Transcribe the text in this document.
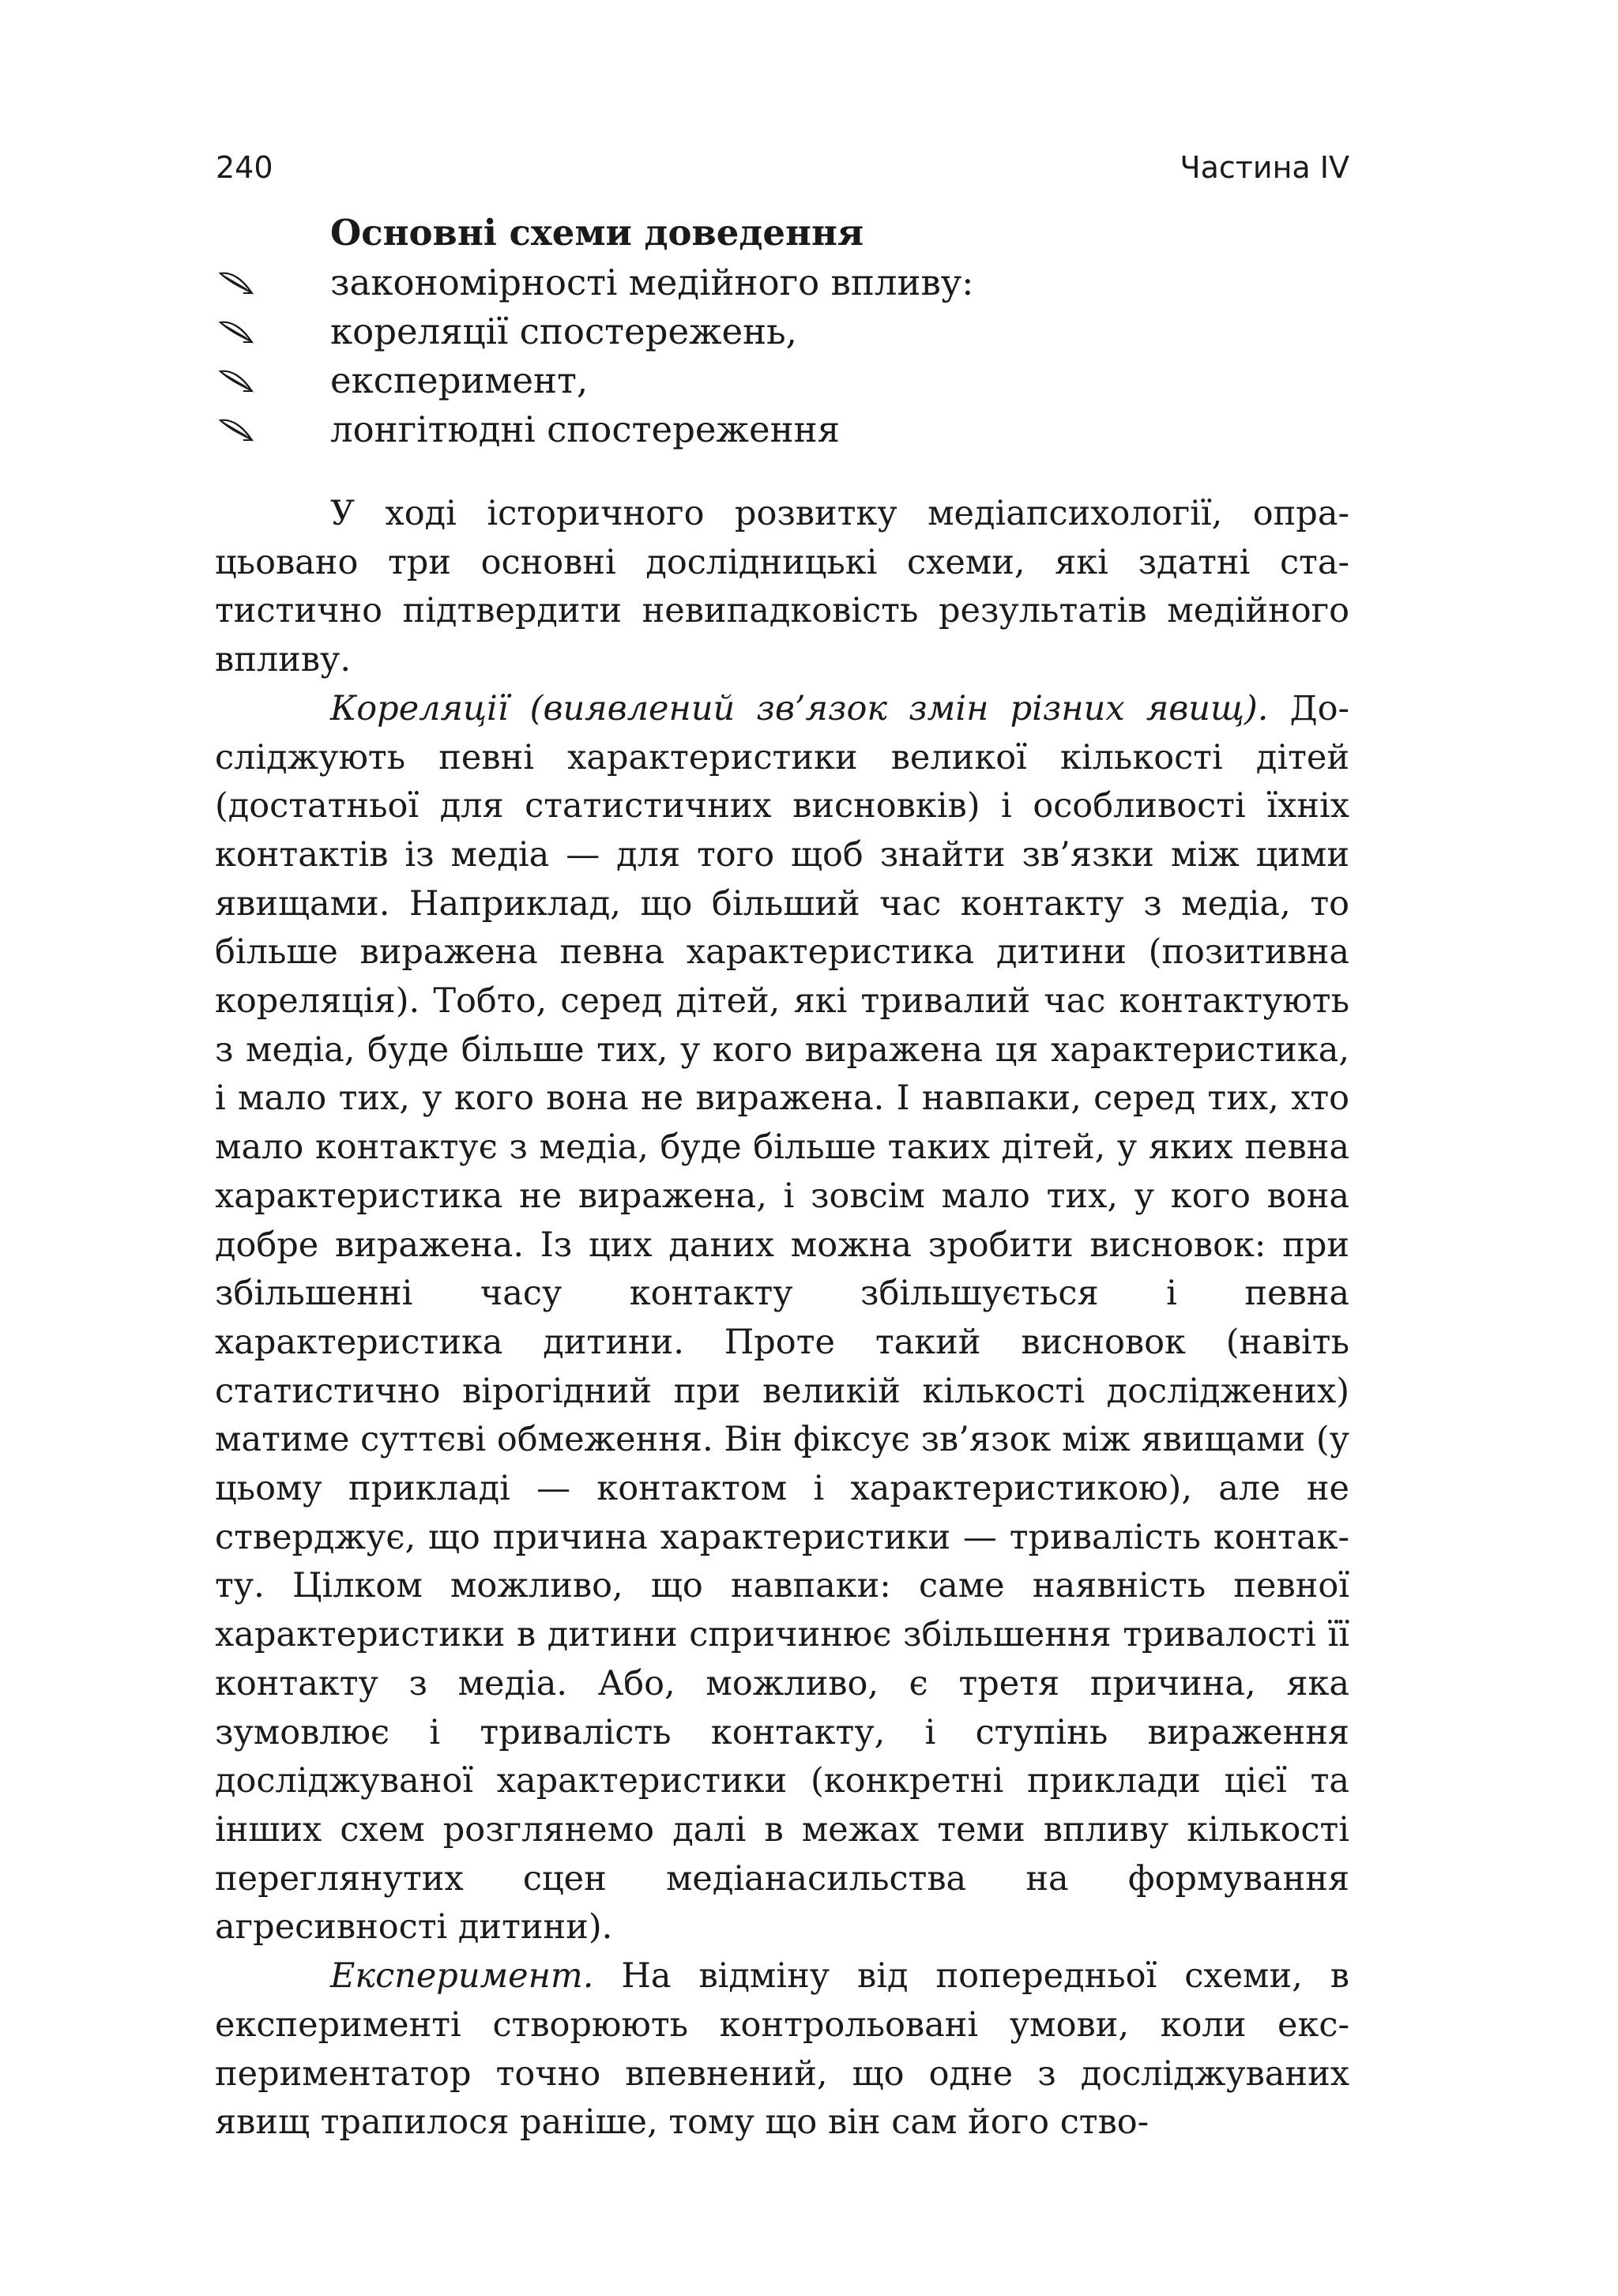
240	Частина IV
Основні схеми доведення
закономірності медійного впливу:
кореляції спостережень,
експеримент,
лонгітюдні спостереження

У ході історичного розвитку медіапсихології, опрацьовано три основні дослідницькі схеми, які здатні статистично підтвердити невипадковість результатів медійного впливу.

Кореляції (виявлений зв’язок змін різних явищ). Досліджують певні характеристики великої кількості дітей (достатньої для статистичних висновків) і особливості їхніх контактів із медіа — для того щоб знайти зв’язки між цими явищами. Наприклад, що більший час контакту з медіа, то більше виражена певна характеристика дитини (позитивна кореляція). Тобто, серед дітей, які тривалий час контактують з медіа, буде більше тих, у кого виражена ця характеристика, і мало тих, у кого вона не виражена. І навпаки, серед тих, хто мало контактує з медіа, буде більше таких дітей, у яких певна характеристика не виражена, і зовсім мало тих, у кого вона добре виражена. Із цих даних можна зробити висновок: при збільшенні часу контакту збільшується і певна характеристика дитини. Проте такий висновок (навіть статистично вірогідний при великій кількості досліджених) матиме суттєві обмеження. Він фіксує зв’язок між явищами (у цьому прикладі — контактом і характеристикою), але не стверджує, що причина характеристики — тривалість контакту. Цілком можливо, що навпаки: саме наявність певної характеристики в дитини спричинює збільшення тривалості її контакту з медіа. Або, можливо, є третя причина, яка зумовлює і тривалість контакту, і ступінь вираження досліджуваної характеристики (конкретні приклади цієї та інших схем розглянемо далі в межах теми впливу кількості переглянутих сцен медіанасильства на формування агресивності дитини).

Експеримент. На відміну від попередньої схеми, в експерименті створюють контрольовані умови, коли експериментатор точно впевнений, що одне з досліджуваних явищ трапилося раніше, тому що він сам його ство-
